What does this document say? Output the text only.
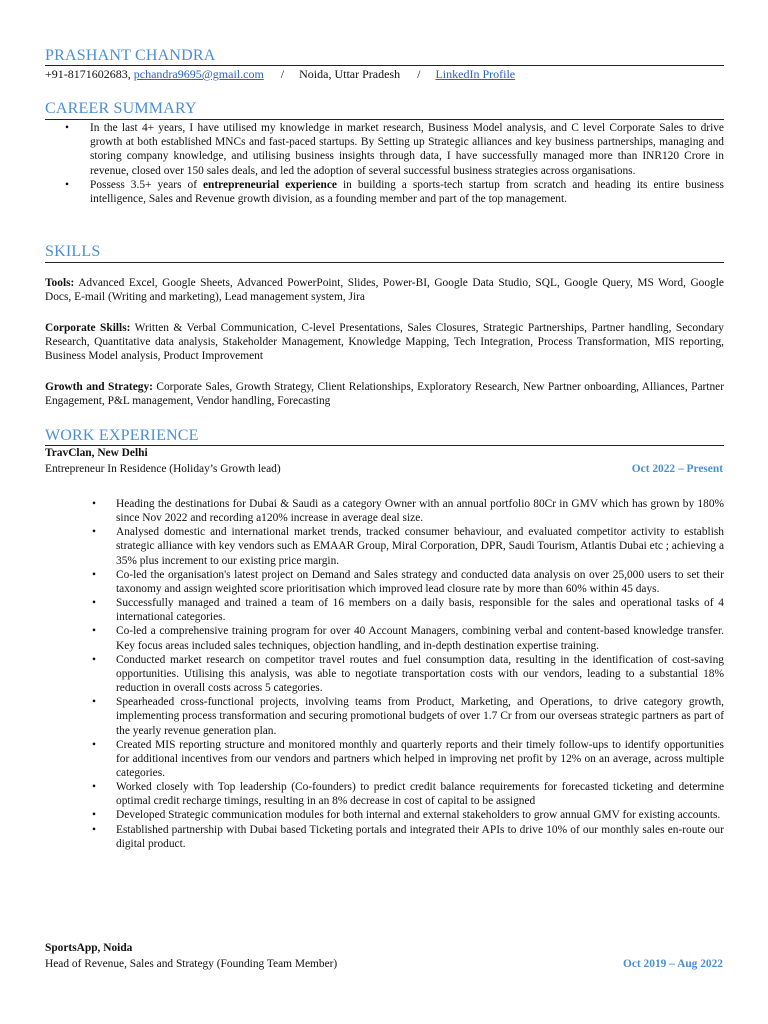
PRASHANT CHANDRA
+91-8171602683, pchandra9695@gmail.com / Noida, Uttar Pradesh / LinkedIn Profile
CAREER SUMMARY
• In the last 4+ years, I have utilised my knowledge in market research, Business Model analysis, and C level Corporate Sales to drive growth at both established MNCs and fast-paced startups. By Setting up Strategic alliances and key business partnerships, managing and storing company knowledge, and utilising business insights through data, I have successfully managed more than INR120 Crore in revenue, closed over 150 sales deals, and led the adoption of several successful business strategies across organisations.
• Possess 3.5+ years of entrepreneurial experience in building a sports-tech startup from scratch and heading its entire business intelligence, Sales and Revenue growth division, as a founding member and part of the top management.
SKILLS

Tools: Advanced Excel, Google Sheets, Advanced PowerPoint, Slides, Power-BI, Google Data Studio, SQL, Google Query, MS Word, Google Docs, E-mail (Writing and marketing), Lead management system, Jira

Corporate Skills: Written & Verbal Communication, C-level Presentations, Sales Closures, Strategic Partnerships, Partner handling, Secondary Research, Quantitative data analysis, Stakeholder Management, Knowledge Mapping, Tech Integration, Process Transformation, MIS reporting, Business Model analysis, Product Improvement

Growth and Strategy: Corporate Sales, Growth Strategy, Client Relationships, Exploratory Research, New Partner onboarding, Alliances, Partner Engagement, P&L management, Vendor handling, Forecasting

WORK EXPERIENCE
TravClan, New Delhi
Entrepreneur In Residence (Holiday’s Growth lead)	Oct 2022 – Present
• Heading the destinations for Dubai & Saudi as a category Owner with an annual portfolio 80Cr in GMV which has grown by 180% since Nov 2022 and recording a120% increase in average deal size.
• Analysed domestic and international market trends, tracked consumer behaviour, and evaluated competitor activity to establish strategic alliance with key vendors such as EMAAR Group, Miral Corporation, DPR, Saudi Tourism, Atlantis Dubai etc ; achieving a 35% plus increment to our existing price margin.
• Co-led the organisation's latest project on Demand and Sales strategy and conducted data analysis on over 25,000 users to set their taxonomy and assign weighted score prioritisation which improved lead closure rate by more than 60% within 45 days.
• Successfully managed and trained a team of 16 members on a daily basis, responsible for the sales and operational tasks of 4 international categories.
• Co-led a comprehensive training program for over 40 Account Managers, combining verbal and content-based knowledge transfer. Key focus areas included sales techniques, objection handling, and in-depth destination expertise training.
• Conducted market research on competitor travel routes and fuel consumption data, resulting in the identification of cost-saving opportunities. Utilising this analysis, was able to negotiate transportation costs with our vendors, leading to a substantial 18% reduction in overall costs across 5 categories.
• Spearheaded cross-functional projects, involving teams from Product, Marketing, and Operations, to drive category growth, implementing process transformation and securing promotional budgets of over 1.7 Cr from our overseas strategic partners as part of the yearly revenue generation plan.
• Created MIS reporting structure and monitored monthly and quarterly reports and their timely follow-ups to identify opportunities for additional incentives from our vendors and partners which helped in improving net profit by 12% on an average, across multiple categories.
• Worked closely with Top leadership (Co-founders) to predict credit balance requirements for forecasted ticketing and determine optimal credit recharge timings, resulting in an 8% decrease in cost of capital to be assigned
• Developed Strategic communication modules for both internal and external stakeholders to grow annual GMV for existing accounts.
• Established partnership with Dubai based Ticketing portals and integrated their APIs to drive 10% of our monthly sales en-route our digital product.
SportsApp, Noida
Head of Revenue, Sales and Strategy (Founding Team Member)	Oct 2019 – Aug 2022
